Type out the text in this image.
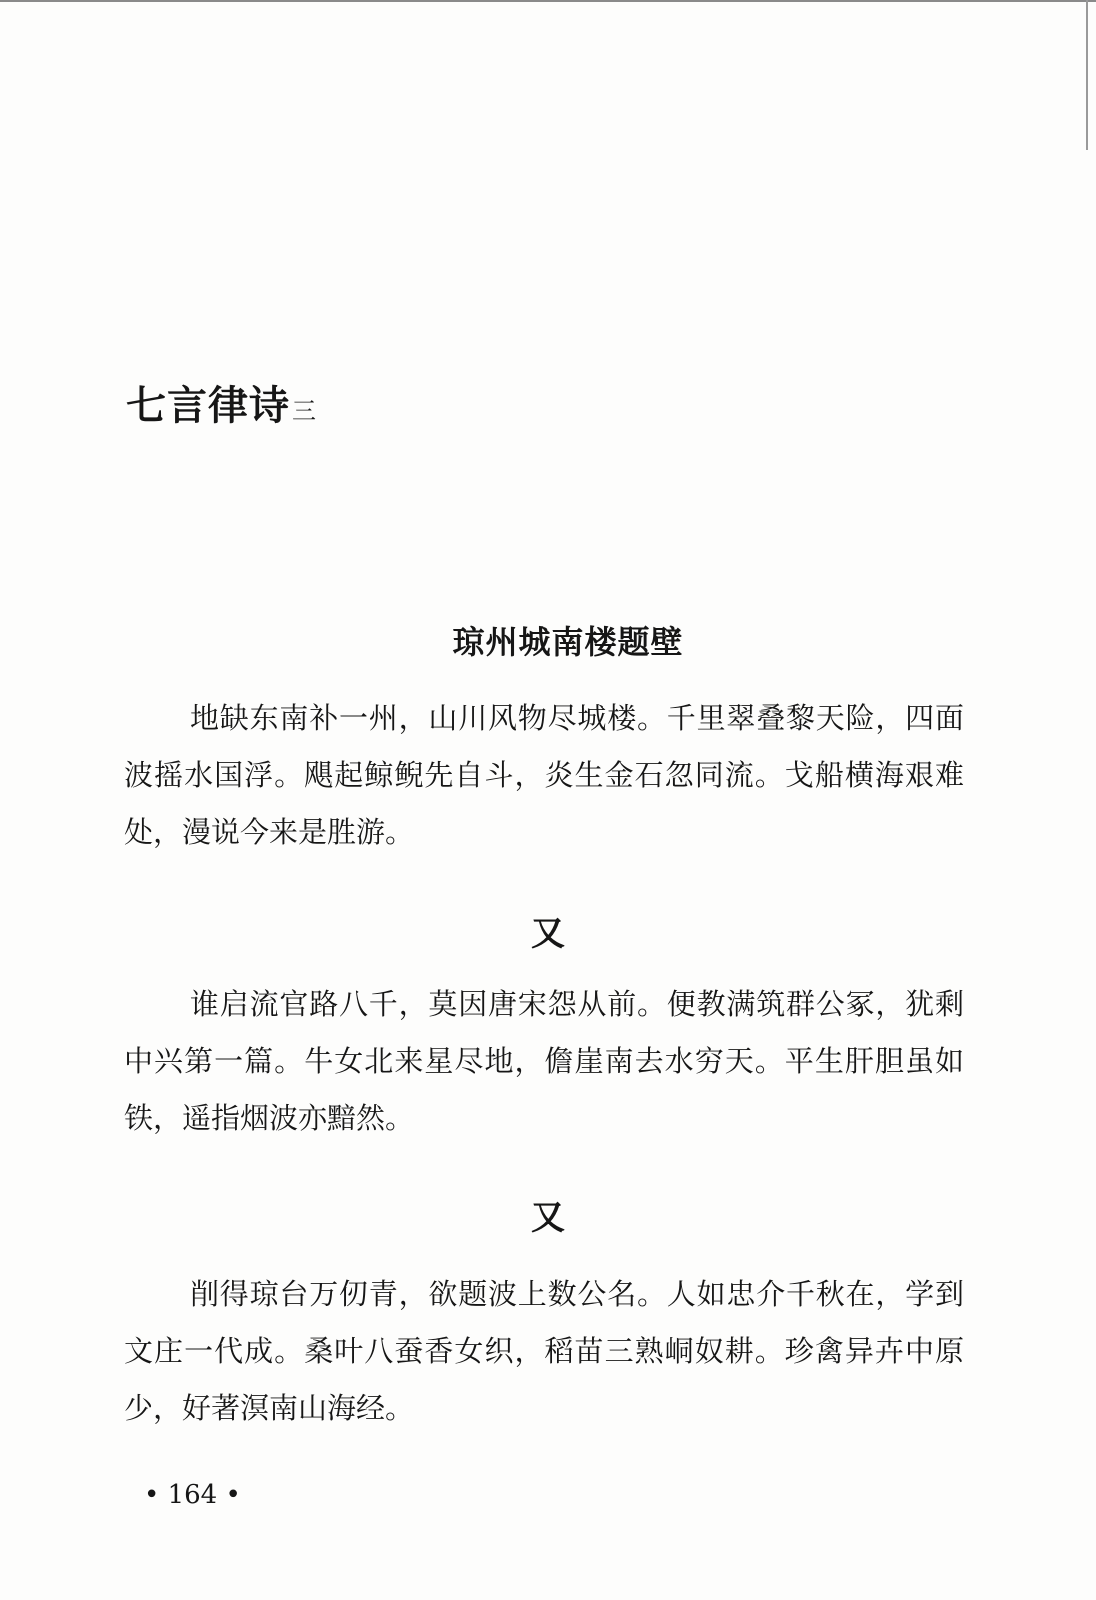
七言律诗三
琼州城南楼题壁

地缺东南补一州，山川风物尽城楼。千里翠叠黎天险，四面波摇水国浮。飓起鲸鲵先自斗，炎生金石忽同流。戈船横海艰难处，漫说今来是胜游。

又

谁启流官路八千，莫因唐宋怨从前。便教满筑群公冢，犹剩中兴第一篇。牛女北来星尽地，儋崖南去水穷天。平生肝胆虽如铁，遥指烟波亦黯然。

又

削得琼台万仞青，欲题波上数公名。人如忠介千秋在，学到文庄一代成。桑叶八蚕香女织，稻苗三熟峒奴耕。珍禽异卉中原少，好著溟南山海经。

• 164 •
